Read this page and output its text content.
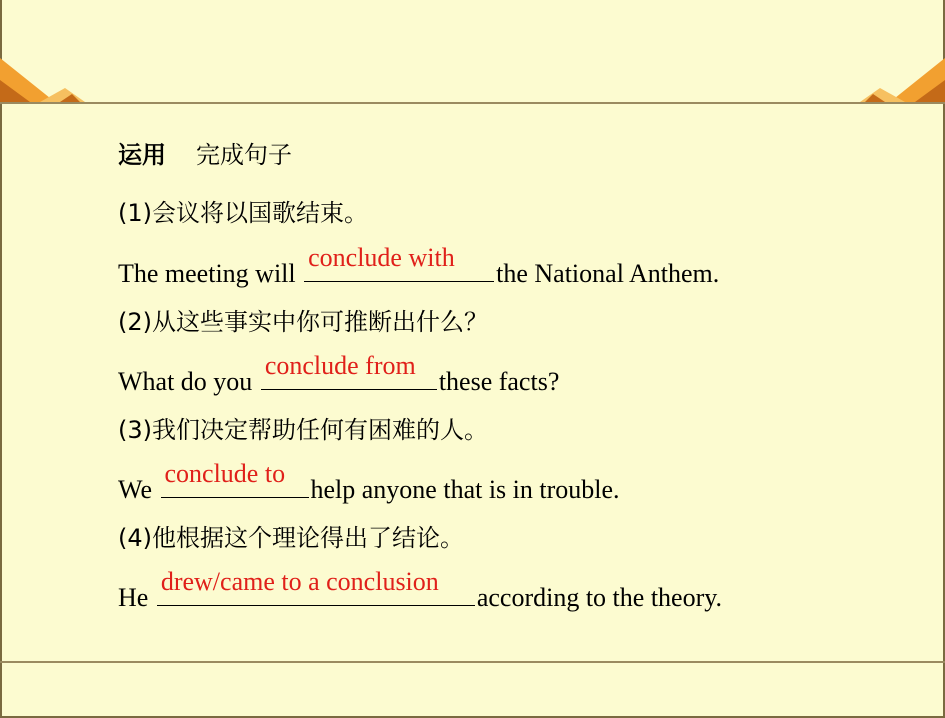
运用 完成句子
(1)会议将以国歌结束。
The meeting will
conclude with
the National Anthem.
(2)从这些事实中你可推断出什么？
What do you
conclude from
these facts?
(3)我们决定帮助任何有困难的人。
We
conclude to
help anyone that is in trouble.
(4)他根据这个理论得出了结论。
He
drew/came to a conclusion
according to the theory.
